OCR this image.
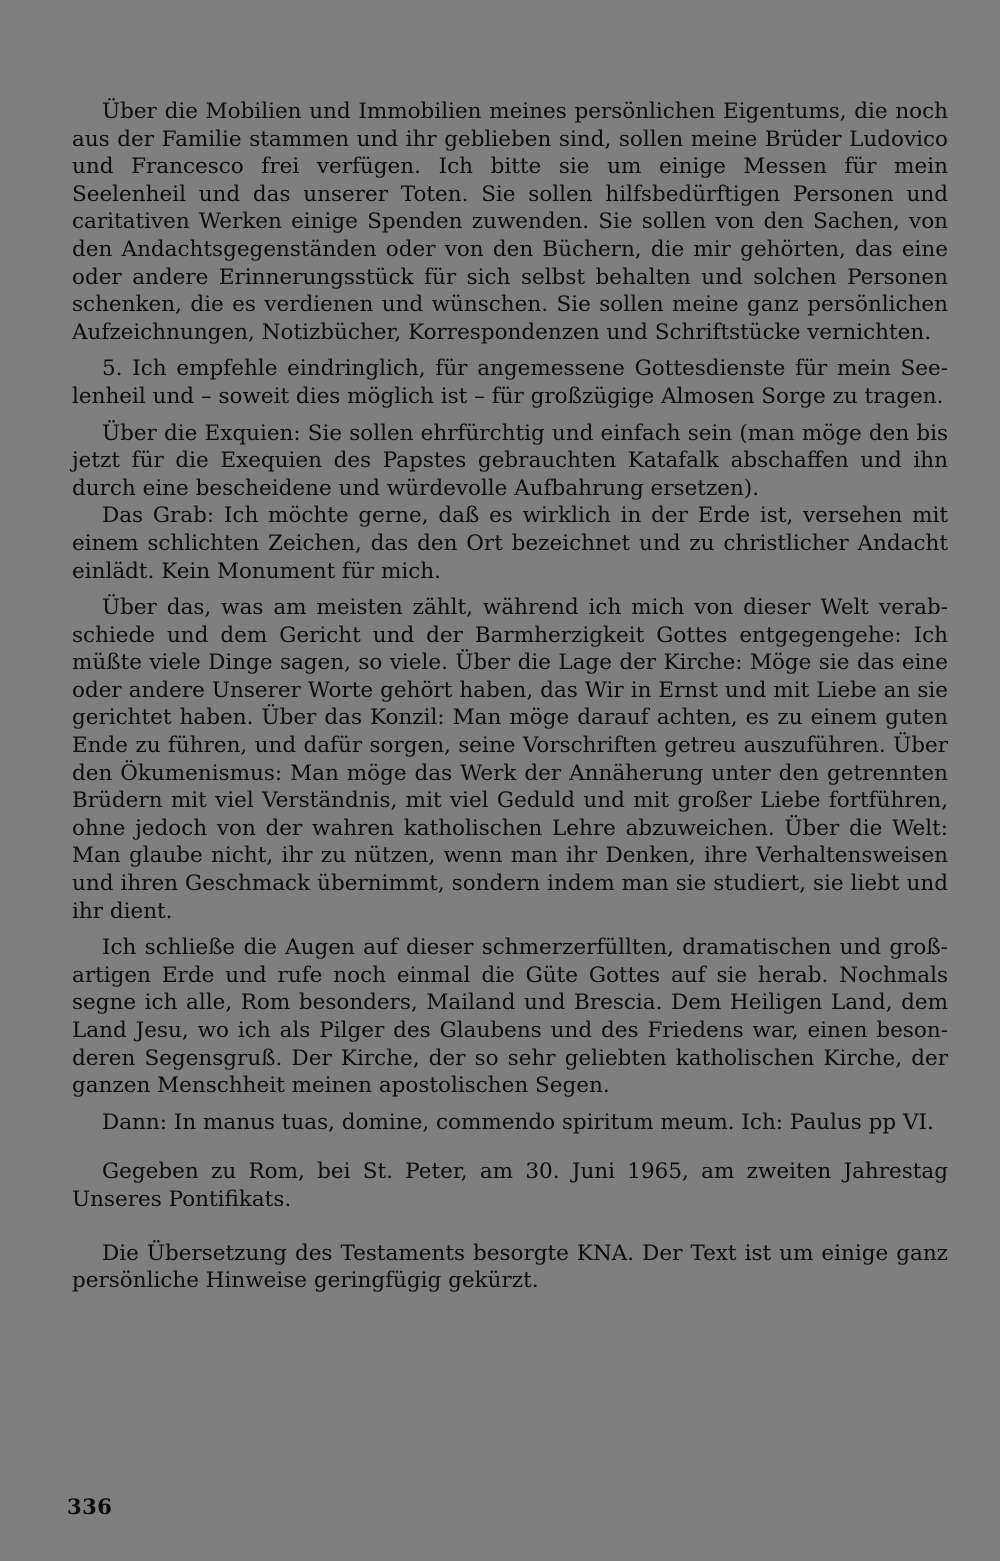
Über die Mobilien und Immobilien meines persönlichen Eigentums, die noch aus der Familie stammen und ihr geblieben sind, sollen meine Brüder Ludovico und Francesco frei verfügen. Ich bitte sie um einige Messen für mein Seelenheil und das unserer Toten. Sie sollen hilfsbedürftigen Personen und caritativen Werken einige Spenden zuwenden. Sie sollen von den Sachen, von den Andachtsgegenständen oder von den Büchern, die mir gehörten, das eine oder andere Erinnerungsstück für sich selbst behalten und solchen Personen schenken, die es verdienen und wünschen. Sie sollen meine ganz persönlichen Aufzeichnungen, Notizbücher, Korrespondenzen und Schriftstücke vernichten.

5. Ich empfehle eindringlich, für angemessene Gottesdienste für mein Seelenheil und – soweit dies möglich ist – für großzügige Almosen Sorge zu tragen.

Über die Exquien: Sie sollen ehrfürchtig und einfach sein (man möge den bis jetzt für die Exequien des Papstes gebrauchten Katafalk abschaffen und ihn durch eine bescheidene und würdevolle Aufbahrung ersetzen).

Das Grab: Ich möchte gerne, daß es wirklich in der Erde ist, versehen mit einem schlichten Zeichen, das den Ort bezeichnet und zu christlicher Andacht einlädt. Kein Monument für mich.

Über das, was am meisten zählt, während ich mich von dieser Welt verabschiede und dem Gericht und der Barmherzigkeit Gottes entgegengehe: Ich müßte viele Dinge sagen, so viele. Über die Lage der Kirche: Möge sie das eine oder andere Unserer Worte gehört haben, das Wir in Ernst und mit Liebe an sie gerichtet haben. Über das Konzil: Man möge darauf achten, es zu einem guten Ende zu führen, und dafür sorgen, seine Vorschriften getreu auszuführen. Über den Ökumenismus: Man möge das Werk der Annäherung unter den getrennten Brüdern mit viel Verständnis, mit viel Geduld und mit großer Liebe fortführen, ohne jedoch von der wahren katholischen Lehre abzuweichen. Über die Welt: Man glaube nicht, ihr zu nützen, wenn man ihr Denken, ihre Verhaltensweisen und ihren Geschmack übernimmt, sondern indem man sie studiert, sie liebt und ihr dient.

Ich schließe die Augen auf dieser schmerzerfüllten, dramatischen und großartigen Erde und rufe noch einmal die Güte Gottes auf sie herab. Nochmals segne ich alle, Rom besonders, Mailand und Brescia. Dem Heiligen Land, dem Land Jesu, wo ich als Pilger des Glaubens und des Friedens war, einen besonderen Segensgruß. Der Kirche, der so sehr geliebten katholischen Kirche, der ganzen Menschheit meinen apostolischen Segen.

Dann: In manus tuas, domine, commendo spiritum meum. Ich: Paulus pp VI.

Gegeben zu Rom, bei St. Peter, am 30. Juni 1965, am zweiten Jahrestag Unseres Pontifikats.

Die Übersetzung des Testaments besorgte KNA. Der Text ist um einige ganz persönliche Hinweise geringfügig gekürzt.

336
